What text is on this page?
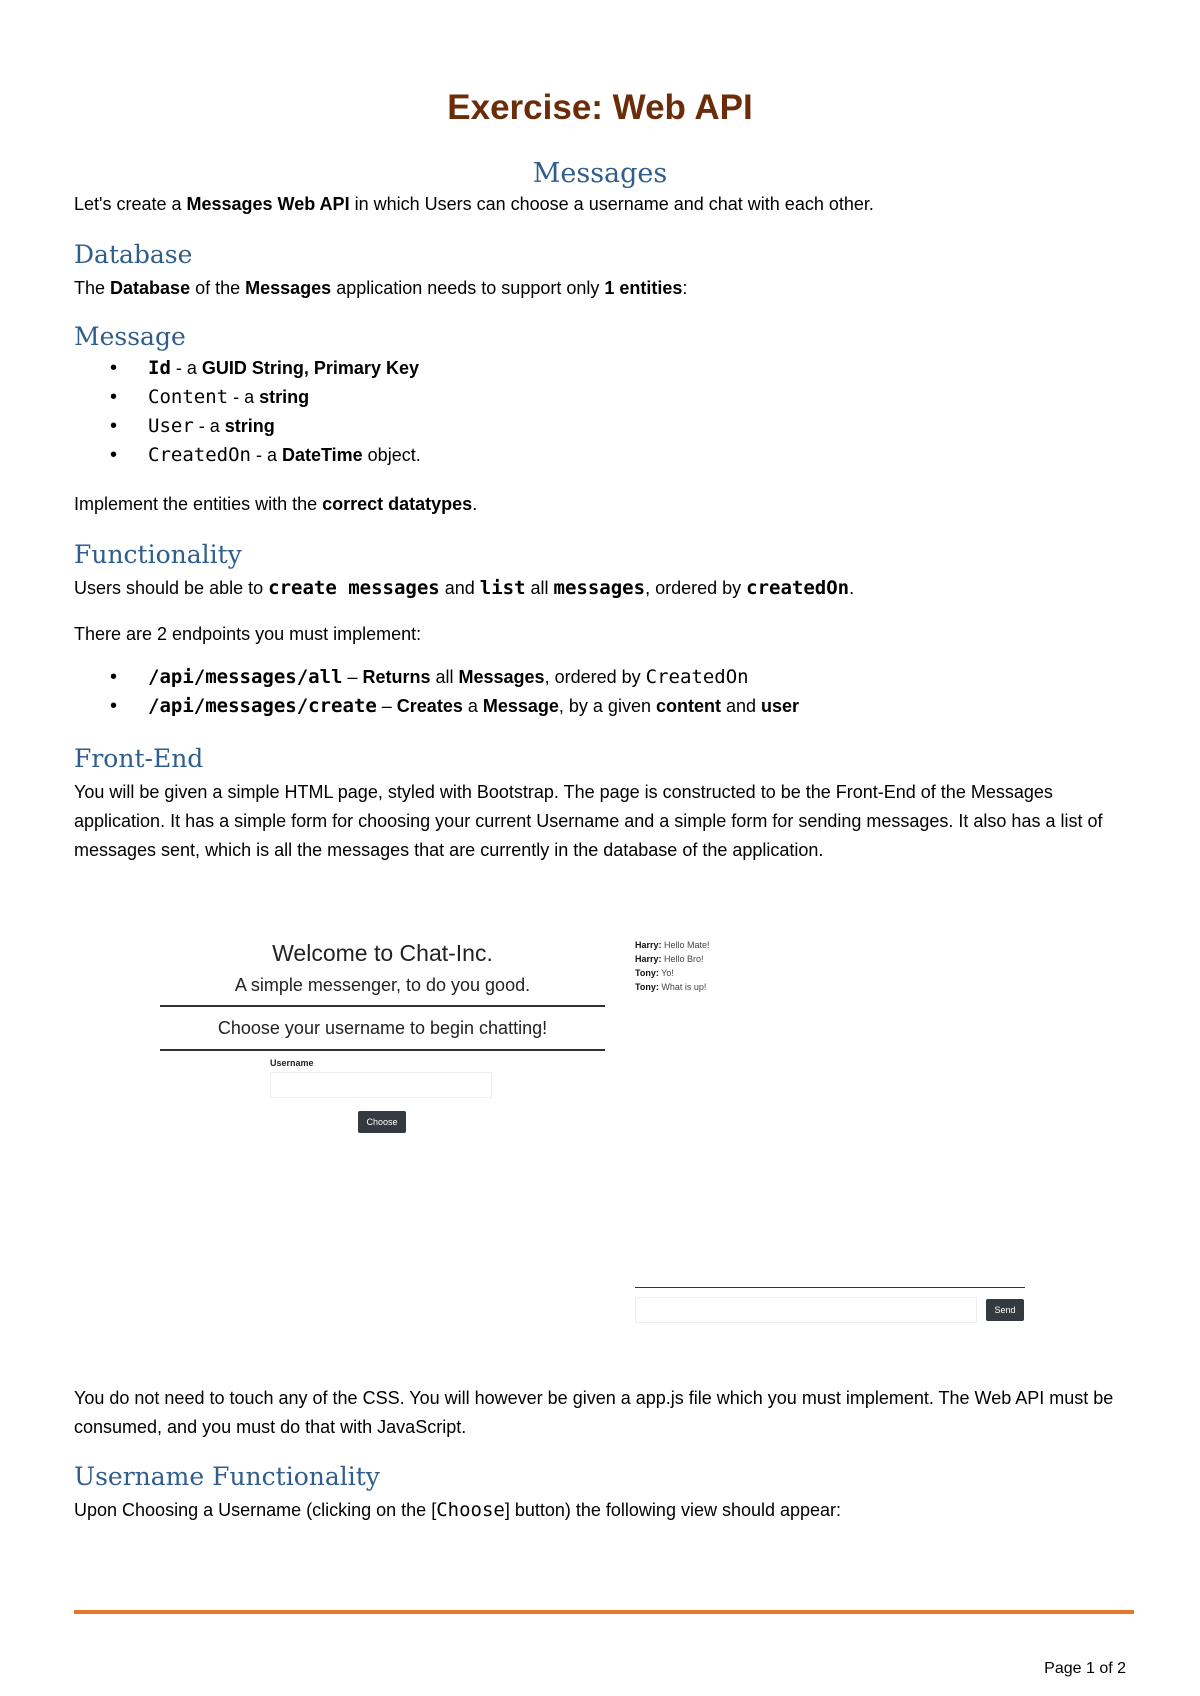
Exercise: Web API
Messages
Let's create a Messages Web API in which Users can choose a username and chat with each other.
Database
The Database of the Messages application needs to support only 1 entities:
Message
• Id - a GUID String, Primary Key
• Content - a string
• User - a string
• CreatedOn - a DateTime object.
Implement the entities with the correct datatypes.
Functionality
Users should be able to create messages and list all messages, ordered by createdOn.
There are 2 endpoints you must implement:
• /api/messages/all – Returns all Messages, ordered by CreatedOn
• /api/messages/create – Creates a Message, by a given content and user
Front-End
You will be given a simple HTML page, styled with Bootstrap. The page is constructed to be the Front-End of the Messages application. It has a simple form for choosing your current Username and a simple form for sending messages. It also has a list of messages sent, which is all the messages that are currently in the database of the application.
Welcome to Chat-Inc.
A simple messenger, to do you good.
Choose your username to begin chatting!
Username
Choose
Harry: Hello Mate!
Harry: Hello Bro!
Tony: Yo!
Tony: What is up!
Send
You do not need to touch any of the CSS. You will however be given a app.js file which you must implement. The Web API must be consumed, and you must do that with JavaScript.
Username Functionality
Upon Choosing a Username (clicking on the [Choose] button) the following view should appear:
Page 1 of 2
